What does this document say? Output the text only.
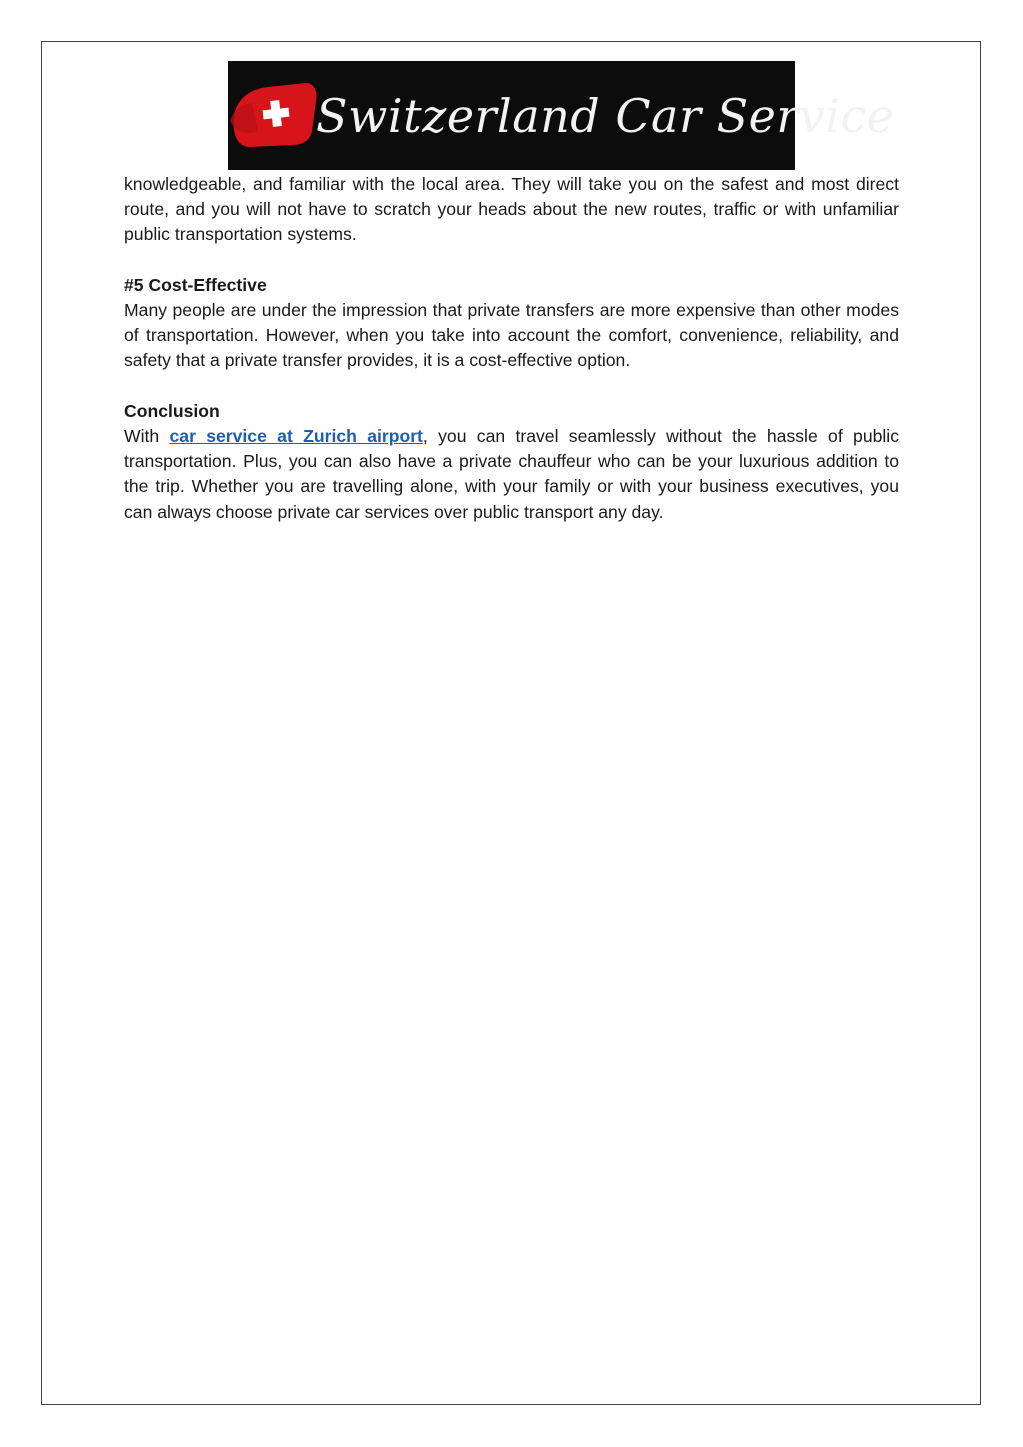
Switzerland Car Service

knowledgeable, and familiar with the local area. They will take you on the safest and most direct route, and you will not have to scratch your heads about the new routes, traffic or with unfamiliar public transportation systems.

#5 Cost-Effective

Many people are under the impression that private transfers are more expensive than other modes of transportation. However, when you take into account the comfort, convenience, reliability, and safety that a private transfer provides, it is a cost-effective option.

Conclusion

With car service at Zurich airport, you can travel seamlessly without the hassle of public transportation. Plus, you can also have a private chauffeur who can be your luxurious addition to the trip. Whether you are travelling alone, with your family or with your business executives, you can always choose private car services over public transport any day.
